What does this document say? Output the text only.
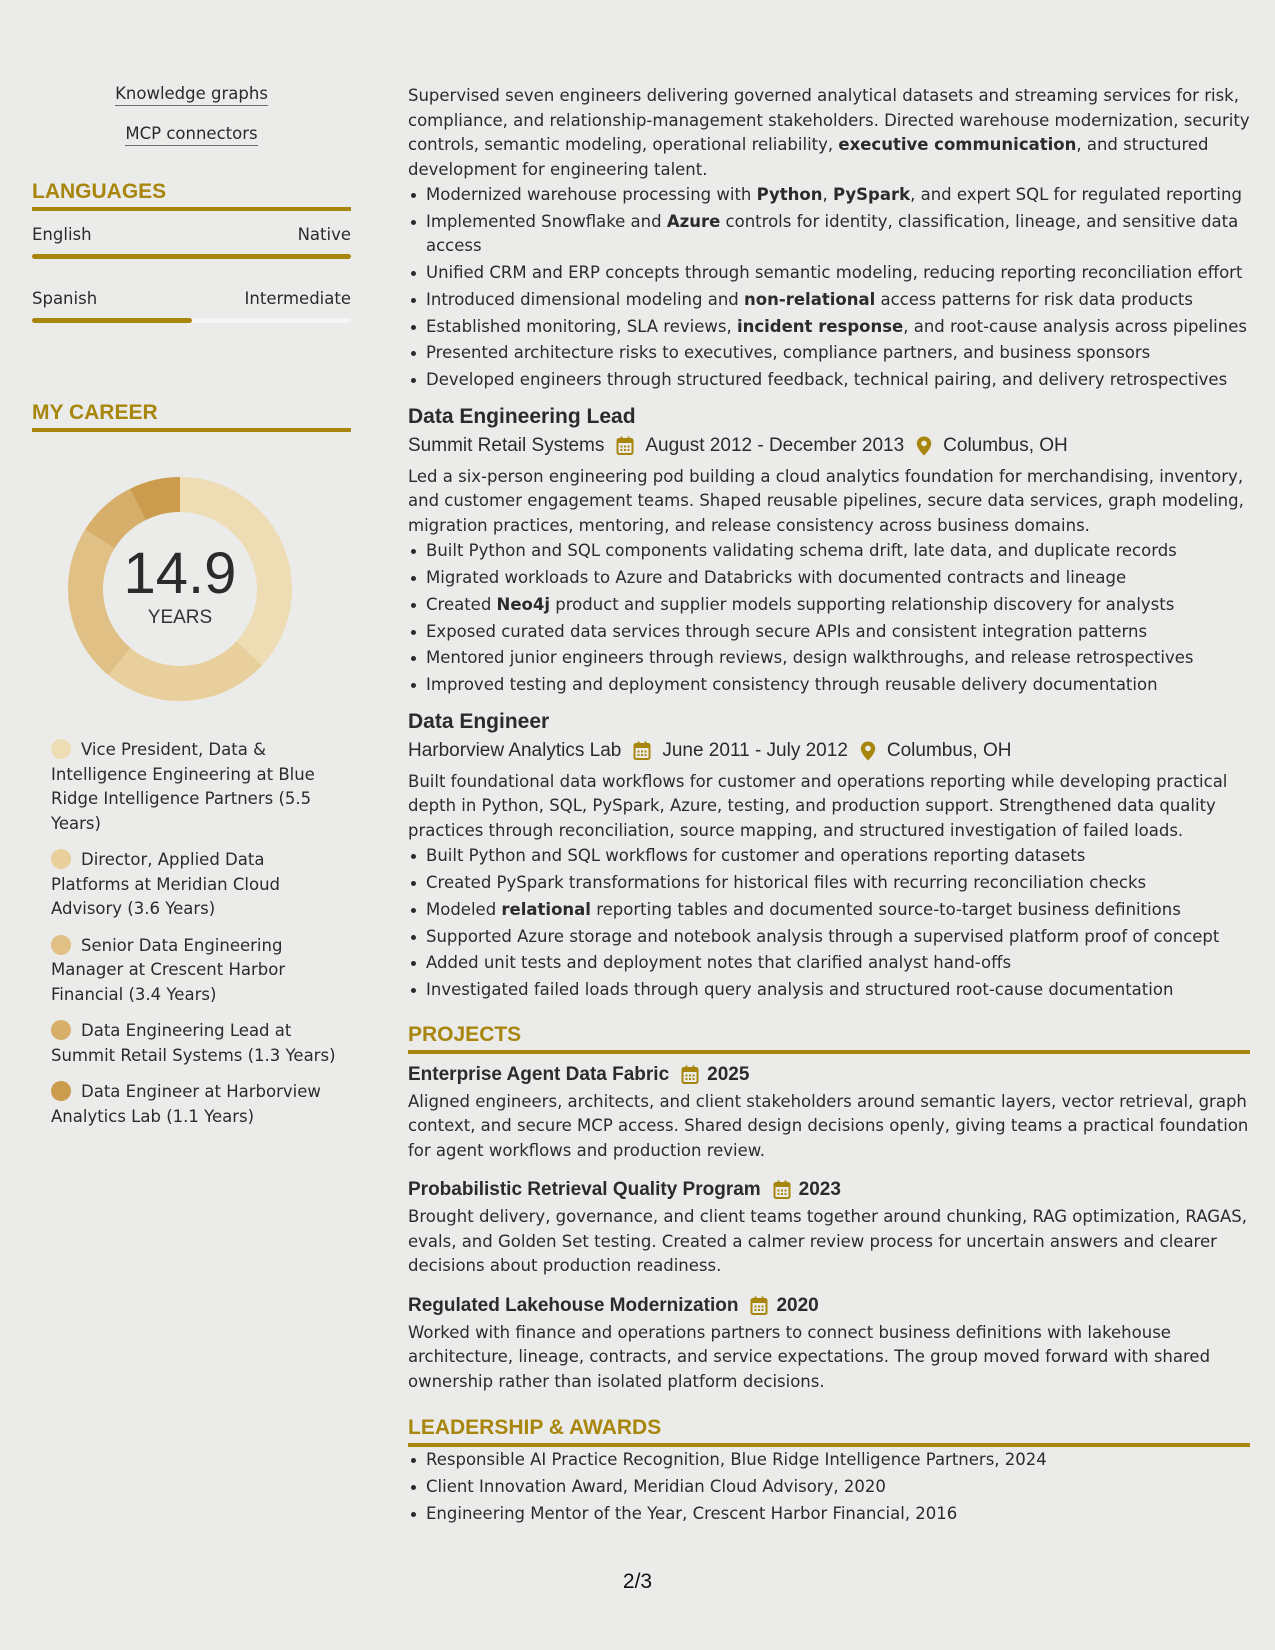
Knowledge graphs
MCP connectors
LANGUAGES
English	Native
Spanish	Intermediate
MY CAREER
14.9
YEARS
Vice President, Data & Intelligence Engineering at Blue Ridge Intelligence Partners (5.5 Years)
Director, Applied Data Platforms at Meridian Cloud Advisory (3.6 Years)
Senior Data Engineering Manager at Crescent Harbor Financial (3.4 Years)
Data Engineering Lead at Summit Retail Systems (1.3 Years)
Data Engineer at Harborview Analytics Lab (1.1 Years)

Supervised seven engineers delivering governed analytical datasets and streaming services for risk, compliance, and relationship-management stakeholders. Directed warehouse modernization, security controls, semantic modeling, operational reliability, executive communication, and structured development for engineering talent.

Modernized warehouse processing with Python, PySpark, and expert SQL for regulated reporting
Implemented Snowflake and Azure controls for identity, classification, lineage, and sensitive data access
Unified CRM and ERP concepts through semantic modeling, reducing reporting reconciliation effort
Introduced dimensional modeling and non-relational access patterns for risk data products
Established monitoring, SLA reviews, incident response, and root-cause analysis across pipelines
Presented architecture risks to executives, compliance partners, and business sponsors
Developed engineers through structured feedback, technical pairing, and delivery retrospectives
Data Engineering Lead
Summit Retail Systems August 2012 - December 2013 Columbus, OH

Led a six-person engineering pod building a cloud analytics foundation for merchandising, inventory, and customer engagement teams. Shaped reusable pipelines, secure data services, graph modeling, migration practices, mentoring, and release consistency across business domains.

Built Python and SQL components validating schema drift, late data, and duplicate records
Migrated workloads to Azure and Databricks with documented contracts and lineage
Created Neo4j product and supplier models supporting relationship discovery for analysts
Exposed curated data services through secure APIs and consistent integration patterns
Mentored junior engineers through reviews, design walkthroughs, and release retrospectives
Improved testing and deployment consistency through reusable delivery documentation
Data Engineer
Harborview Analytics Lab June 2011 - July 2012 Columbus, OH

Built foundational data workflows for customer and operations reporting while developing practical depth in Python, SQL, PySpark, Azure, testing, and production support. Strengthened data quality practices through reconciliation, source mapping, and structured investigation of failed loads.

Built Python and SQL workflows for customer and operations reporting datasets
Created PySpark transformations for historical files with recurring reconciliation checks
Modeled relational reporting tables and documented source-to-target business definitions
Supported Azure storage and notebook analysis through a supervised platform proof of concept
Added unit tests and deployment notes that clarified analyst hand-offs
Investigated failed loads through query analysis and structured root-cause documentation
PROJECTS
Enterprise Agent Data Fabric 2025

Aligned engineers, architects, and client stakeholders around semantic layers, vector retrieval, graph context, and secure MCP access. Shared design decisions openly, giving teams a practical foundation for agent workflows and production review.

Probabilistic Retrieval Quality Program 2023

Brought delivery, governance, and client teams together around chunking, RAG optimization, RAGAS, evals, and Golden Set testing. Created a calmer review process for uncertain answers and clearer decisions about production readiness.

Regulated Lakehouse Modernization 2020

Worked with finance and operations partners to connect business definitions with lakehouse architecture, lineage, contracts, and service expectations. The group moved forward with shared ownership rather than isolated platform decisions.

LEADERSHIP & AWARDS
Responsible AI Practice Recognition, Blue Ridge Intelligence Partners, 2024
Client Innovation Award, Meridian Cloud Advisory, 2020
Engineering Mentor of the Year, Crescent Harbor Financial, 2016
2/3
